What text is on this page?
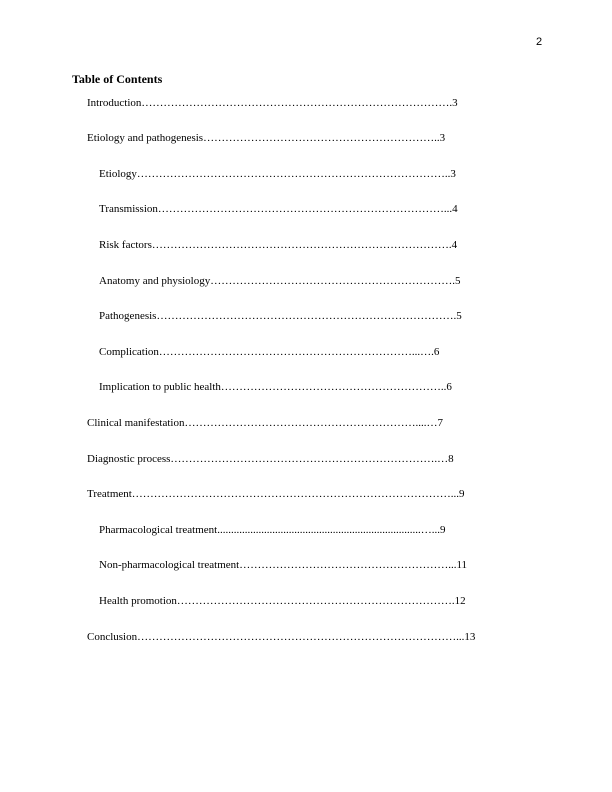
2
Table of Contents
Introduction………………………………………………………………………….3
Etiology and pathogenesis………………………………………………………..3
Etiology…………………………………………………………………………..3
Transmission……………………………………………………………………...4
Risk factors……………………………………………………………………….4
Anatomy and physiology………………………………………………………….5
Pathogenesis……………………………………………………………………….5
Complication……………………………………………………………...….6
Implication to public health……………………………………………………..6
Clinical manifestation………………………………………………………....…7
Diagnostic process……………………………………………………………….…8
Treatment……………………………………………………………………………...9
Pharmacological treatment..........................................................................…...9
Non-pharmacological treatment…………………………………………………...11
Health promotion………………………………………………………………….12
Conclusion……………………………………………………………………………...13
